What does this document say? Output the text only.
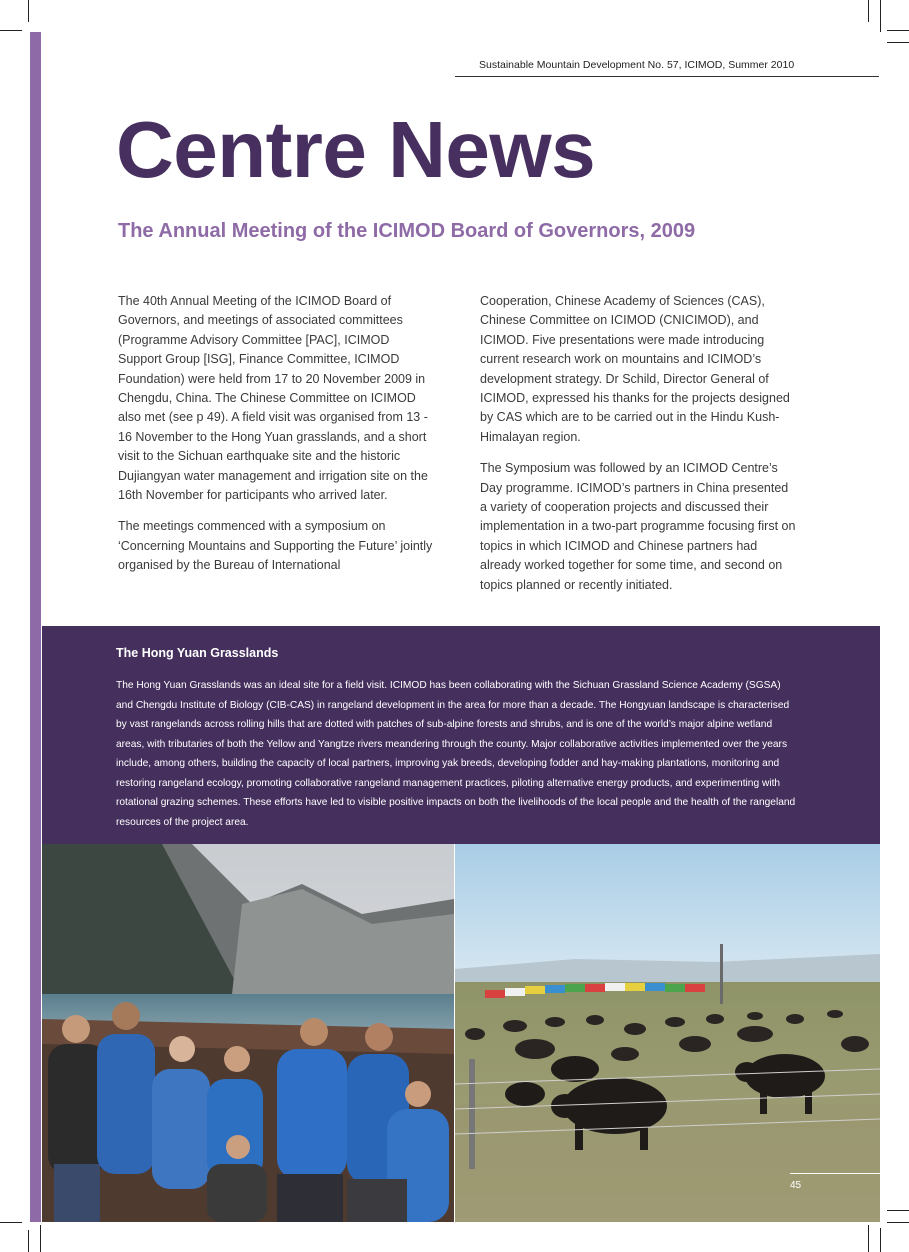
Sustainable Mountain Development No. 57, ICIMOD, Summer 2010
Centre News
The Annual Meeting of the ICIMOD Board of Governors, 2009

The 40th Annual Meeting of the ICIMOD Board of Governors, and meetings of associated committees (Programme Advisory Committee [PAC], ICIMOD Support Group [ISG], Finance Committee, ICIMOD Foundation) were held from 17 to 20 November 2009 in Chengdu, China. The Chinese Committee on ICIMOD also met (see p 49). A field visit was organised from 13 - 16 November to the Hong Yuan grasslands, and a short visit to the Sichuan earthquake site and the historic Dujiangyan water management and irrigation site on the 16th November for participants who arrived later.

The meetings commenced with a symposium on ‘Concerning Mountains and Supporting the Future’ jointly organised by the Bureau of International

Cooperation, Chinese Academy of Sciences (CAS), Chinese Committee on ICIMOD (CNICIMOD), and ICIMOD. Five presentations were made introducing current research work on mountains and ICIMOD’s development strategy. Dr Schild, Director General of ICIMOD, expressed his thanks for the projects designed by CAS which are to be carried out in the Hindu Kush-Himalayan region.

The Symposium was followed by an ICIMOD Centre’s Day programme. ICIMOD’s partners in China presented a variety of cooperation projects and discussed their implementation in a two-part programme focusing first on topics in which ICIMOD and Chinese partners had already worked together for some time, and second on topics planned or recently initiated.

The Hong Yuan Grasslands

The Hong Yuan Grasslands was an ideal site for a field visit. ICIMOD has been collaborating with the Sichuan Grassland Science Academy (SGSA) and Chengdu Institute of Biology (CIB-CAS) in rangeland development in the area for more than a decade. The Hongyuan landscape is characterised by vast rangelands across rolling hills that are dotted with patches of sub-alpine forests and shrubs, and is one of the world’s major alpine wetland areas, with tributaries of both the Yellow and Yangtze rivers meandering through the county. Major collaborative activities implemented over the years include, among others, building the capacity of local partners, improving yak breeds, developing fodder and hay-making plantations, monitoring and restoring rangeland ecology, promoting collaborative rangeland management practices, piloting alternative energy products, and experimenting with rotational grazing schemes. These efforts have led to visible positive impacts on both the livelihoods of the local people and the health of the rangeland resources of the project area.

45
